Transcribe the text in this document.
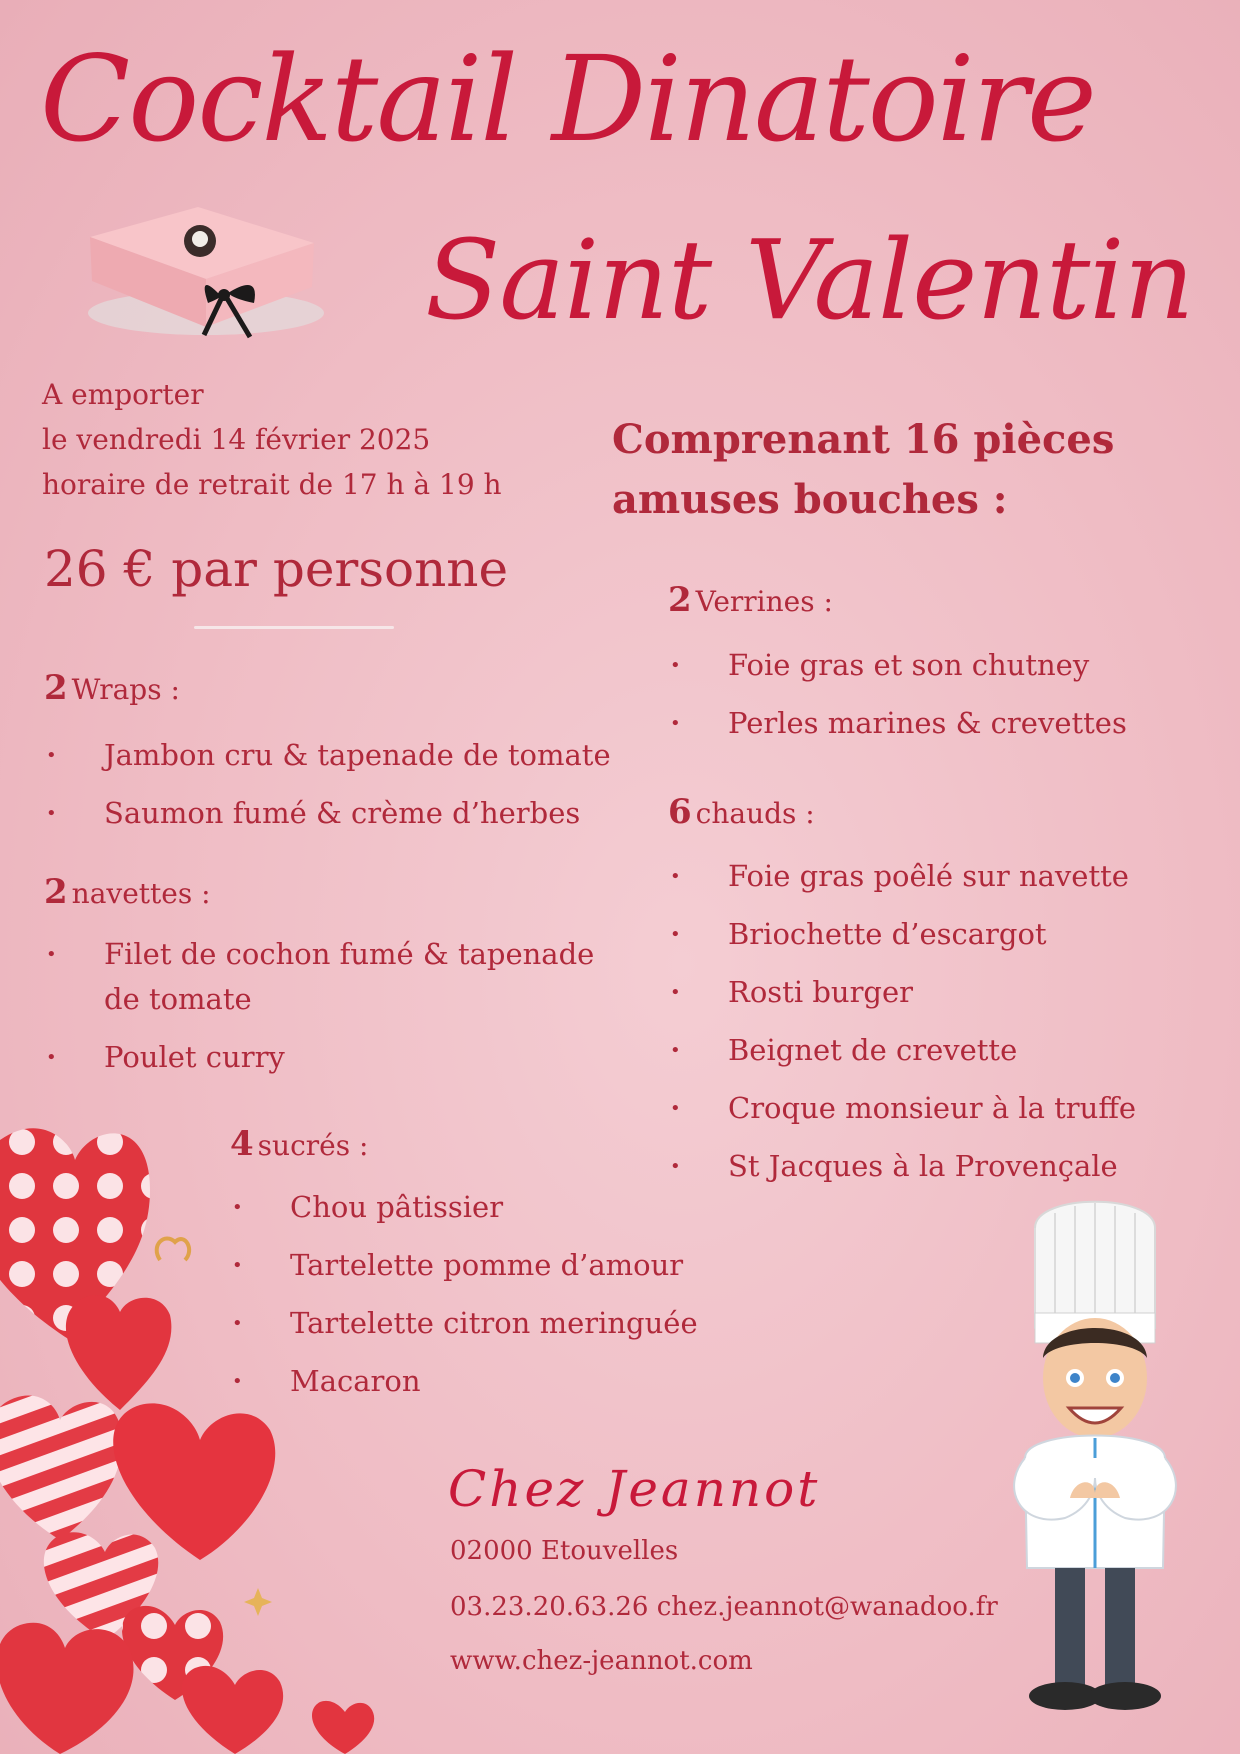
Cocktail Dinatoire
Saint Valentin
A emporter
le vendredi 14 février 2025
horaire de retrait de 17 h à 19 h
26 € par personne
Comprenant 16 pièces
amuses bouches :
2 Wraps :
• Jambon cru & tapenade de tomate
• Saumon fumé & crème d’herbes
2 navettes :
• Filet de cochon fumé & tapenade de tomate
• Poulet curry
4 sucrés :
• Chou pâtissier
• Tartelette pomme d’amour
• Tartelette citron meringuée
• Macaron
2 Verrines :
• Foie gras et son chutney
• Perles marines & crevettes
6 chauds :
• Foie gras poêlé sur navette
• Briochette d’escargot
• Rosti burger
• Beignet de crevette
• Croque monsieur à la truffe
• St Jacques à la Provençale
Chez Jeannot
02000 Etouvelles
03.23.20.63.26 chez.jeannot@wanadoo.fr
www.chez-jeannot.com
